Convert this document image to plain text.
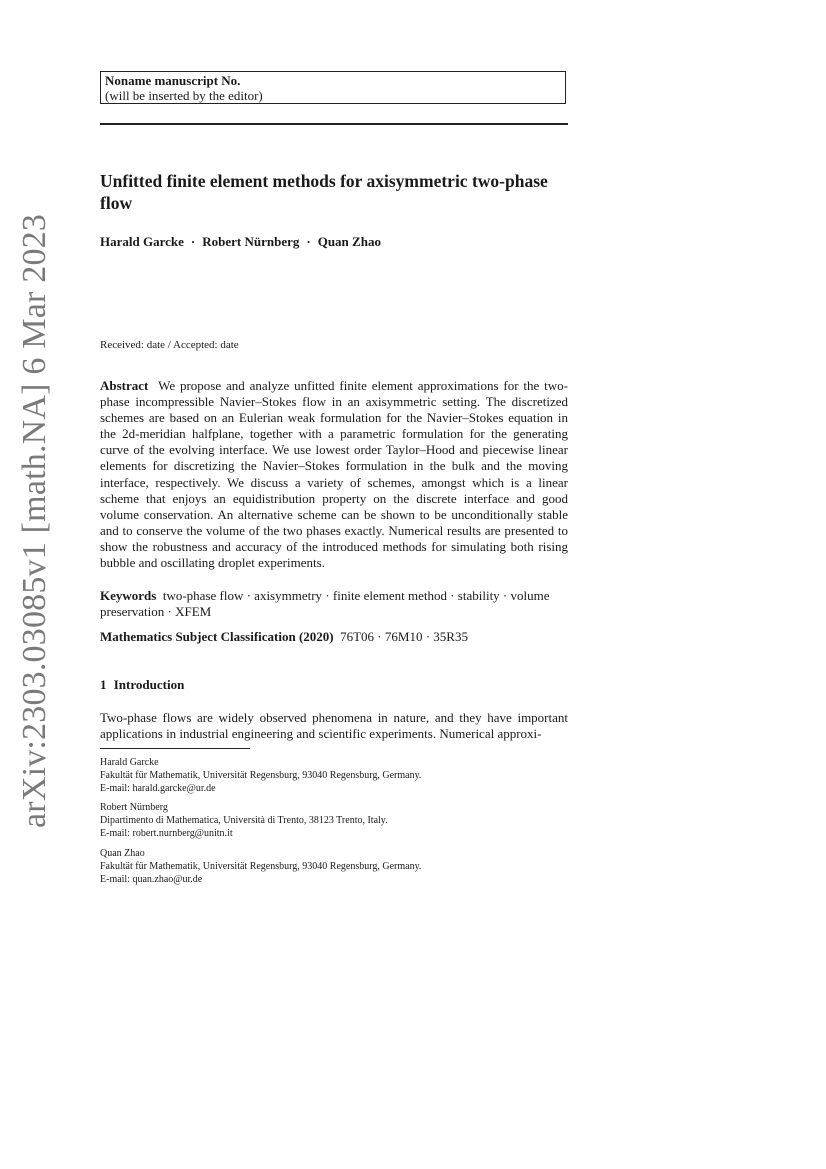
arXiv:2303.03085v1 [math.NA] 6 Mar 2023
Noname manuscript No.
(will be inserted by the editor)
Unfitted finite element methods for axisymmetric two-phase flow
Harald Garcke · Robert Nürnberg · Quan Zhao
Received: date / Accepted: date

Abstract We propose and analyze unfitted finite element approximations for the two-phase incompressible Navier–Stokes flow in an axisymmetric setting. The discretized schemes are based on an Eulerian weak formulation for the Navier–Stokes equation in the 2d-meridian halfplane, together with a parametric formulation for the generating curve of the evolving interface. We use lowest order Taylor–Hood and piecewise linear elements for discretizing the Navier–Stokes formulation in the bulk and the moving interface, respectively. We discuss a variety of schemes, amongst which is a linear scheme that enjoys an equidistribution property on the discrete interface and good volume conservation. An alternative scheme can be shown to be unconditionally stable and to conserve the volume of the two phases exactly. Numerical results are presented to show the robustness and accuracy of the introduced methods for simulating both rising bubble and oscillating droplet experiments.

Keywords two-phase flow · axisymmetry · finite element method · stability · volume preservation · XFEM

Mathematics Subject Classification (2020) 76T06 · 76M10 · 35R35
1 Introduction

Two-phase flows are widely observed phenomena in nature, and they have important applications in industrial engineering and scientific experiments. Numerical approxi-

Harald Garcke
Fakultät für Mathematik, Universität Regensburg, 93040 Regensburg, Germany.
E-mail: harald.garcke@ur.de
Robert Nürnberg
Dipartimento di Mathematica, Università di Trento, 38123 Trento, Italy.
E-mail: robert.nurnberg@unitn.it
Quan Zhao
Fakultät für Mathematik, Universität Regensburg, 93040 Regensburg, Germany.
E-mail: quan.zhao@ur.de
